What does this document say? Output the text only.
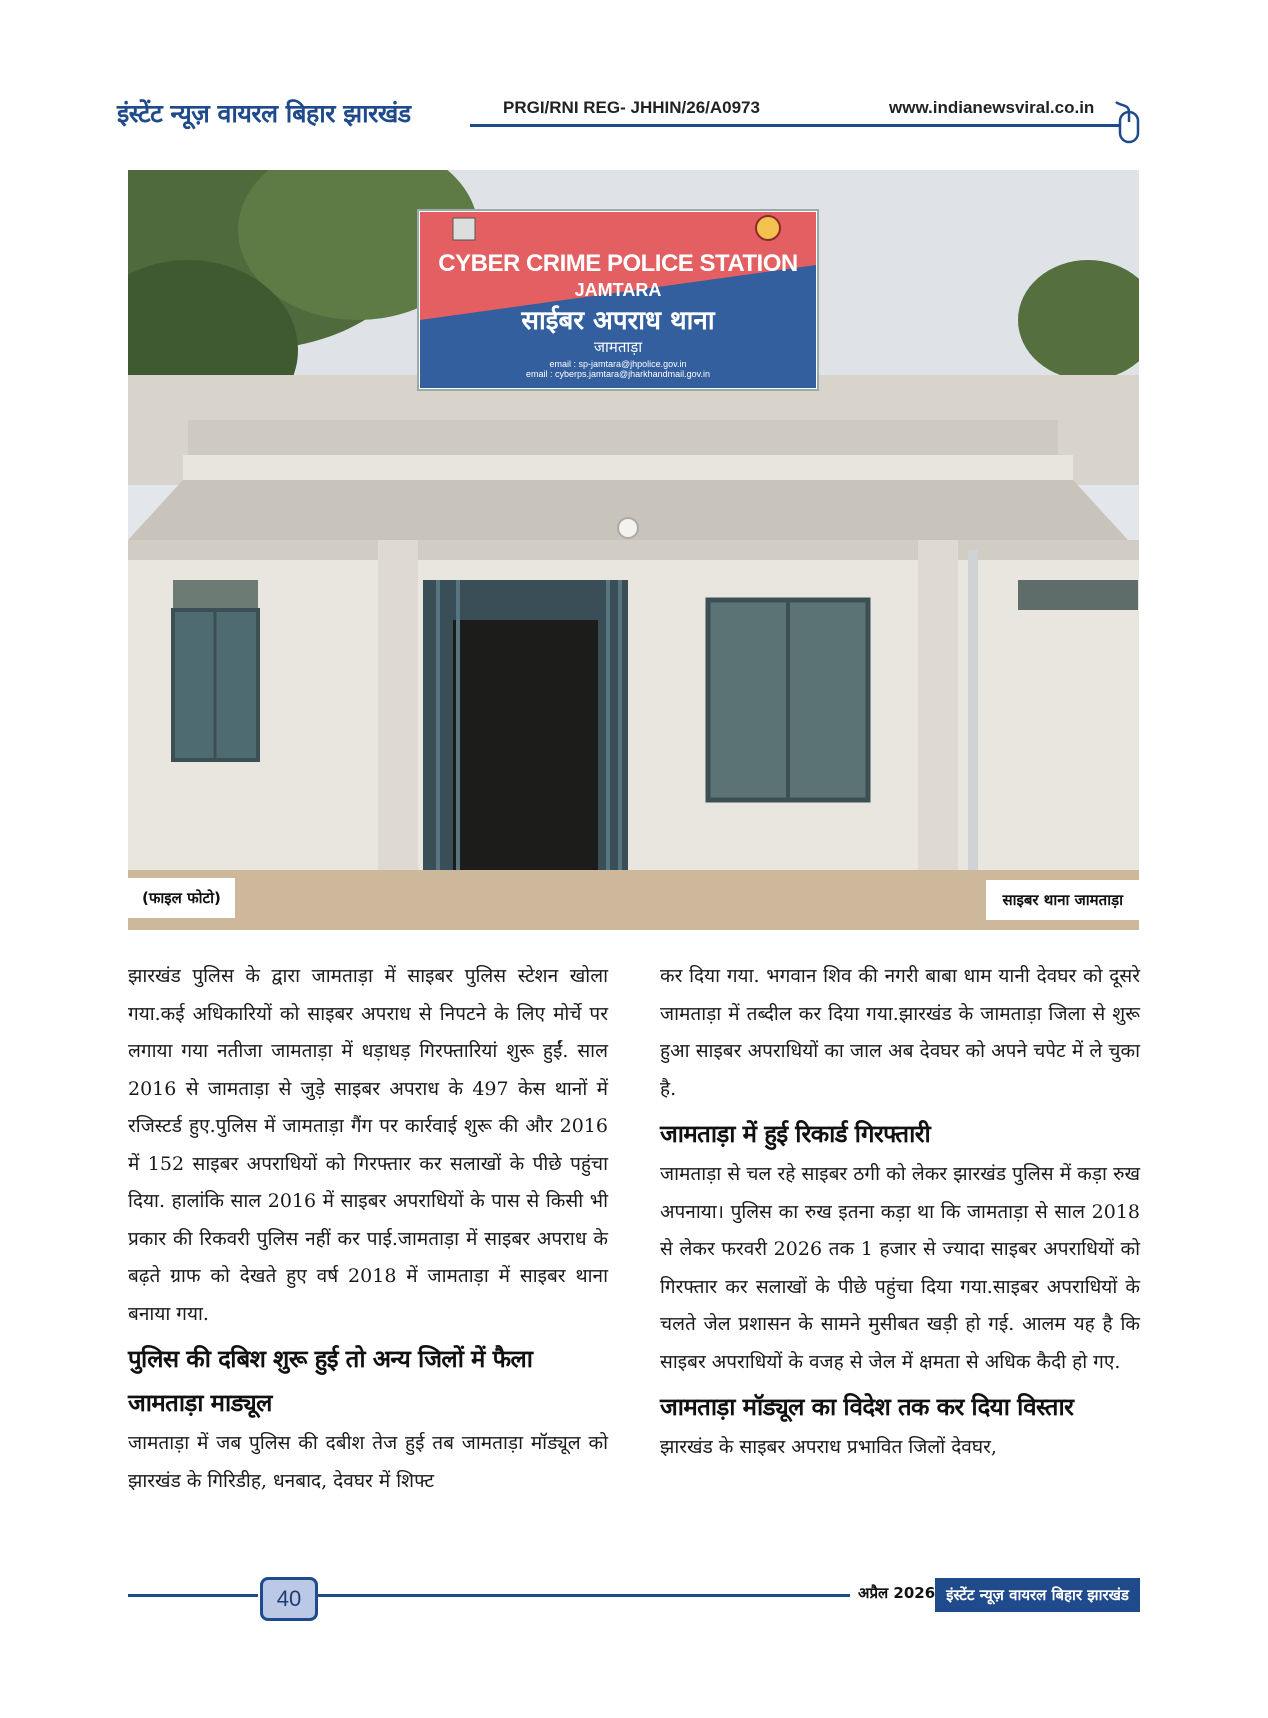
इंस्टेंट न्यूज़ वायरल बिहार झारखंड	PRGI/RNI REG- JHHIN/26/A0973	www.indianewsviral.co.in
CYBER CRIME POLICE STATION
JAMTARA
साईबर अपराध थाना
जामताड़ा
email : sp-jamtara@jhpolice.gov.in
email : cyberps.jamtara@jharkhandmail.gov.in
(फाइल फोटो)	साइबर थाना जामताड़ा

झारखंड पुलिस के द्वारा जामताड़ा में साइबर पुलिस स्टेशन खोला गया.कई अधिकारियों को साइबर अपराध से निपटने के लिए मोर्चे पर लगाया गया नतीजा जामताड़ा में धड़ाधड़ गिरफ्तारियां शुरू हुईं. साल 2016 से जामताड़ा से जुड़े साइबर अपराध के 497 केस थानों में रजिस्टर्ड हुए.पुलिस में जामताड़ा गैंग पर कार्रवाई शुरू की और 2016 में 152 साइबर अपराधियों को गिरफ्तार कर सलाखों के पीछे पहुंचा दिया. हालांकि साल 2016 में साइबर अपराधियों के पास से किसी भी प्रकार की रिकवरी पुलिस नहीं कर पाई.जामताड़ा में साइबर अपराध के बढ़ते ग्राफ को देखते हुए वर्ष 2018 में जामताड़ा में साइबर थाना बनाया गया.

पुलिस की दबिश शुरू हुई तो अन्य जिलों में फैला जामताड़ा माड्यूल

जामताड़ा में जब पुलिस की दबीश तेज हुई तब जामताड़ा मॉड्यूल को झारखंड के गिरिडीह, धनबाद, देवघर में शिफ्ट

कर दिया गया. भगवान शिव की नगरी बाबा धाम यानी देवघर को दूसरे जामताड़ा में तब्दील कर दिया गया.झारखंड के जामताड़ा जिला से शुरू हुआ साइबर अपराधियों का जाल अब देवघर को अपने चपेट में ले चुका है.

जामताड़ा में हुई रिकार्ड गिरफ्तारी

जामताड़ा से चल रहे साइबर ठगी को लेकर झारखंड पुलिस में कड़ा रुख अपनाया। पुलिस का रुख इतना कड़ा था कि जामताड़ा से साल 2018 से लेकर फरवरी 2026 तक 1 हजार से ज्यादा साइबर अपराधियों को गिरफ्तार कर सलाखों के पीछे पहुंचा दिया गया.साइबर अपराधियों के चलते जेल प्रशासन के सामने मुसीबत खड़ी हो गई. आलम यह है कि साइबर अपराधियों के वजह से जेल में क्षमता से अधिक कैदी हो गए.

जामताड़ा मॉड्यूल का विदेश तक कर दिया विस्तार

झारखंड के साइबर अपराध प्रभावित जिलों देवघर,

40	अप्रैल 2026 इंस्टेंट न्यूज़ वायरल बिहार झारखंड
